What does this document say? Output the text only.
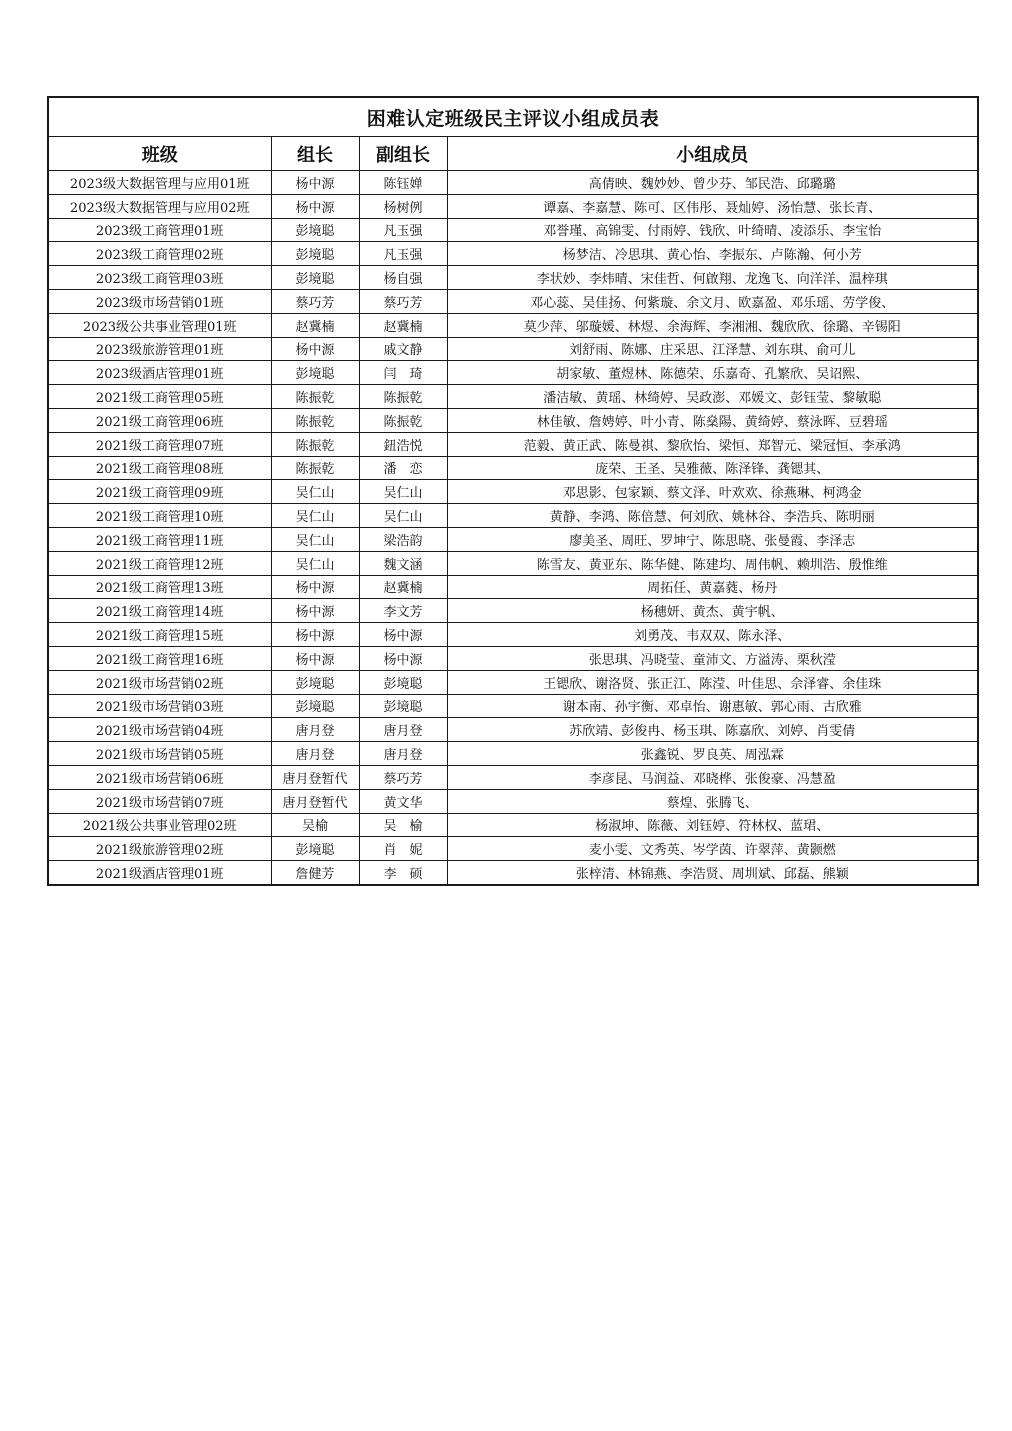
困难认定班级民主评议小组成员表			
班级	组长	副组长	小组成员
2023级大数据管理与应用01班	杨中源	陈钰婵	高倩映、魏妙妙、曾少芬、邹民浩、邱璐璐
2023级大数据管理与应用02班	杨中源	杨树例	谭嘉、李嘉慧、陈可、区伟彤、聂灿婷、汤怡慧、张长青、
2023级工商管理01班	彭境聪	凡玉强	邓誉瑾、高锦雯、付雨婷、钱欣、叶绮晴、凌添乐、李宝怡
2023级工商管理02班	彭境聪	凡玉强	杨梦洁、冷思琪、黄心怡、李振东、卢陈瀚、何小芳
2023级工商管理03班	彭境聪	杨自强	李状妙、李炜晴、宋佳哲、何啟翔、龙逸飞、向洋洋、温梓琪
2023级市场营销01班	蔡巧芳	蔡巧芳	邓心蕊、吴佳扬、何紫璇、余文月、欧嘉盈、邓乐瑶、劳学俊、
2023级公共事业管理01班	赵冀楠	赵冀楠	莫少萍、邬璇媛、林煜、余海辉、李湘湘、魏欣欣、徐璐、辛锡阳
2023级旅游管理01班	杨中源	戚文静	刘舒雨、陈娜、庄采思、江泽慧、刘东琪、俞可儿
2023级酒店管理01班	彭境聪	闫　琦	胡家敏、董煜林、陈德荣、乐嘉奇、孔繁欣、吴诏熙、
2021级工商管理05班	陈振乾	陈振乾	潘洁敏、黄瑶、林绮婷、吴政澎、邓媛文、彭钰莹、黎敏聪
2021级工商管理06班	陈振乾	陈振乾	林佳敏、詹娉婷、叶小青、陈燊陽、黄绮婷、蔡泳晖、豆碧瑶
2021级工商管理07班	陈振乾	鈕浩悦	范毅、黄正武、陈曼祺、黎欣怡、梁恒、郑智元、梁冠恒、李承鸿
2021级工商管理08班	陈振乾	潘　恋	庞荣、王圣、吴雅薇、陈泽锋、龚锶其、
2021级工商管理09班	吴仁山	吴仁山	邓思影、包家颖、蔡文泽、叶欢欢、徐燕琳、柯鸿金
2021级工商管理10班	吴仁山	吴仁山	黄静、李鸿、陈倍慧、何刘欣、姚林谷、李浩兵、陈明丽
2021级工商管理11班	吴仁山	梁浩韵	廖美圣、周旺、罗坤宁、陈思晓、张曼霞、李泽志
2021级工商管理12班	吴仁山	魏文涵	陈雪友、黄亚东、陈华健、陈建均、周伟帆、赖圳浩、殷惟维
2021级工商管理13班	杨中源	赵冀楠	周拓任、黄嘉蕤、杨丹
2021级工商管理14班	杨中源	李文芳	杨穗妍、黄杰、黄宇帆、
2021级工商管理15班	杨中源	杨中源	刘勇茂、韦双双、陈永泽、
2021级工商管理16班	杨中源	杨中源	张思琪、冯晓莹、童沛文、方溢涛、栗秋滢
2021级市场营销02班	彭境聪	彭境聪	王锶欣、谢洛贤、张正江、陈滢、叶佳思、佘泽睿、余佳珠
2021级市场营销03班	彭境聪	彭境聪	谢本南、孙宇衡、邓卓怡、谢惠敏、郭心雨、古欣雅
2021级市场营销04班	唐月登	唐月登	苏欣靖、彭俊冉、杨玉琪、陈嘉欣、刘婷、肖雯倩
2021级市场营销05班	唐月登	唐月登	张鑫锐、罗良英、周泓霖
2021级市场营销06班	唐月登暂代	蔡巧芳	李彦昆、马润益、邓晓桦、张俊豪、冯慧盈
2021级市场营销07班	唐月登暂代	黄文华	蔡煌、张腾飞、
2021级公共事业管理02班	吴榆	吴　榆	杨淑坤、陈薇、刘钰婷、符林权、蓝珺、
2021级旅游管理02班	彭境聪	肖　妮	麦小雯、文秀英、岑学茵、许翠萍、黄颢燃
2021级酒店管理01班	詹健芳	李　硕	张梓清、林锦燕、李浩贤、周圳斌、邱磊、熊颖
